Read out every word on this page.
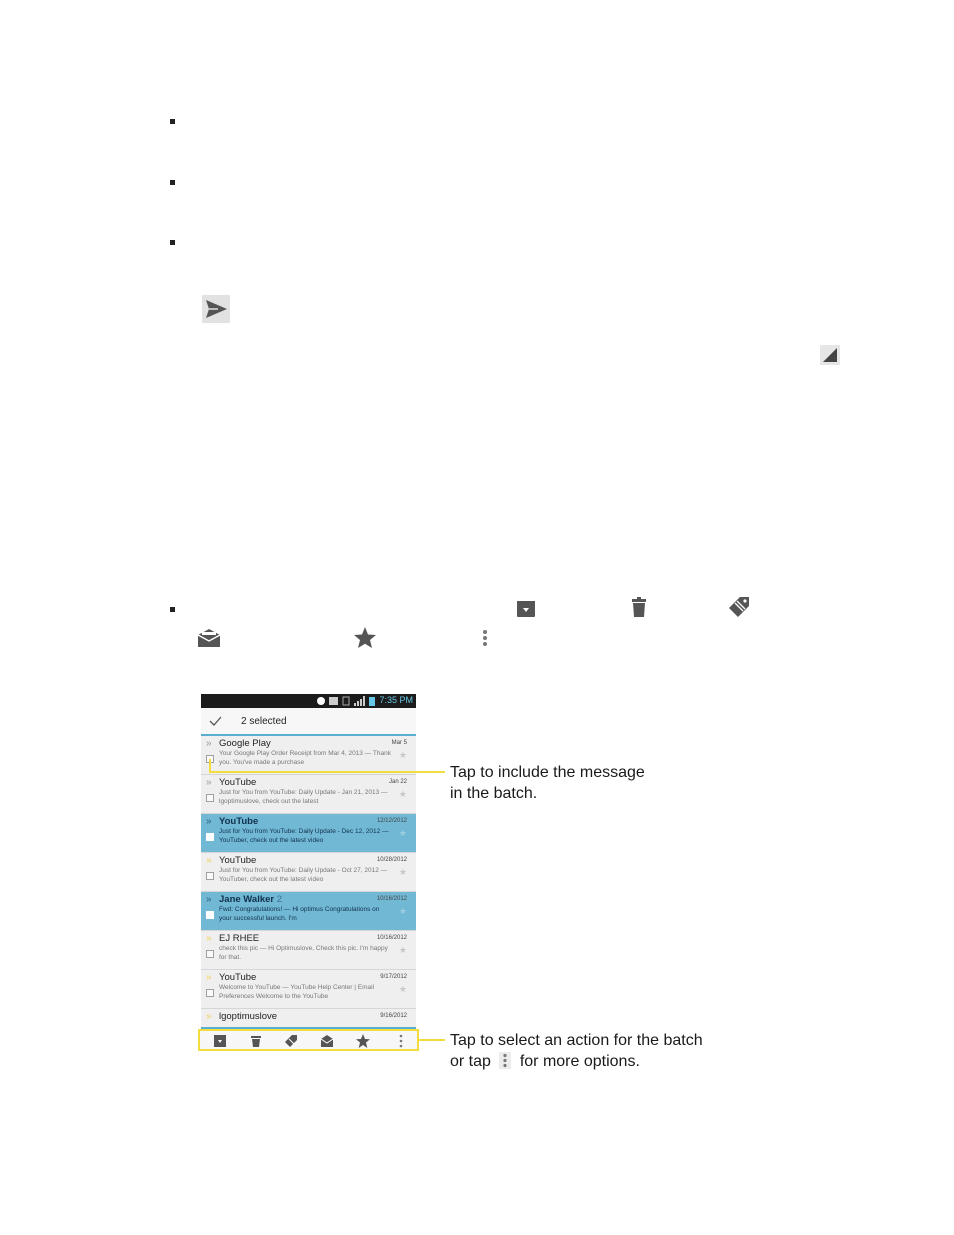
7:35 PM
2 selected
» Google Play	Mar 5
Your Google Play Order Receipt from Mar 4, 2013 — Thank you. You've made a purchase
★
» YouTube	Jan 22
Just for You from YouTube: Daily Update - Jan 21, 2013 — lgoptimuslove, check out the latest
★
» YouTube	12/12/2012
Just for You from YouTube: Daily Update - Dec 12, 2012 — YouTuber, check out the latest video
★
» YouTube	10/28/2012
Just for You from YouTube: Daily Update - Oct 27, 2012 — YouTuber, check out the latest video
★
» Jane Walker 2	10/16/2012
Fwd: Congratulations! — Hi optimus Congratulations on your successful launch. I'm
★
» EJ RHEE	10/16/2012
check this pic — Hi Optimuslove, Check this pic. I'm happy for that.
★
» YouTube	9/17/2012
Welcome to YouTube — YouTube Help Center | Email Preferences Welcome to the YouTube
★
» lgoptimuslove	9/16/2012
Tap to include the message
in the batch.
Tap to select an action for the batch
or tap for more options.
